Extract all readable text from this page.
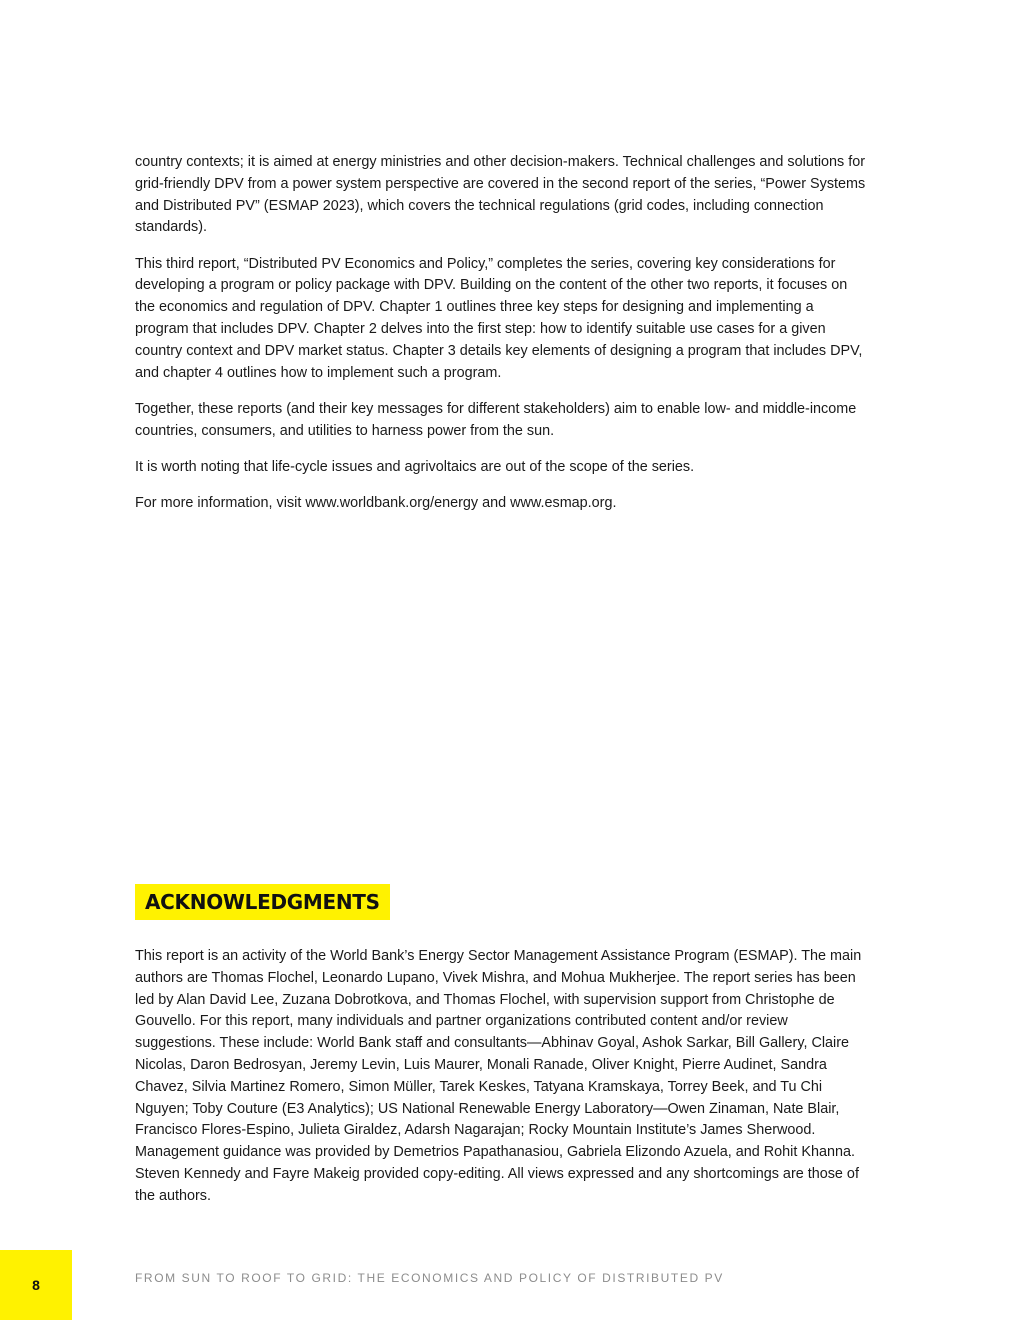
country contexts; it is aimed at energy ministries and other decision-makers. Technical challenges and solutions for grid-friendly DPV from a power system perspective are covered in the second report of the series, “Power Systems and Distributed PV” (ESMAP 2023), which covers the technical regulations (grid codes, including connection standards).

This third report, “Distributed PV Economics and Policy,” completes the series, covering key considerations for developing a program or policy package with DPV. Building on the content of the other two reports, it focuses on the economics and regulation of DPV. Chapter 1 outlines three key steps for designing and implementing a program that includes DPV. Chapter 2 delves into the first step: how to identify suitable use cases for a given country context and DPV market status. Chapter 3 details key elements of designing a program that includes DPV, and chapter 4 outlines how to implement such a program.

Together, these reports (and their key messages for different stakeholders) aim to enable low- and middle-income countries, consumers, and utilities to harness power from the sun.

It is worth noting that life-cycle issues and agrivoltaics are out of the scope of the series.

For more information, visit www.worldbank.org/energy and www.esmap.org.

ACKNOWLEDGMENTS

This report is an activity of the World Bank’s Energy Sector Management Assistance Program (ESMAP). The main authors are Thomas Flochel, Leonardo Lupano, Vivek Mishra, and Mohua Mukherjee. The report series has been led by Alan David Lee, Zuzana Dobrotkova, and Thomas Flochel, with supervision support from Christophe de Gouvello. For this report, many individuals and partner organizations contributed content and/or review suggestions. These include: World Bank staff and consultants—Abhinav Goyal, Ashok Sarkar, Bill Gallery, Claire Nicolas, Daron Bedrosyan, Jeremy Levin, Luis Maurer, Monali Ranade, Oliver Knight, Pierre Audinet, Sandra Chavez, Silvia Martinez Romero, Simon Müller, Tarek Keskes, Tatyana Kramskaya, Torrey Beek, and Tu Chi Nguyen; Toby Couture (E3 Analytics); US National Renewable Energy Laboratory—Owen Zinaman, Nate Blair, Francisco Flores-Espino, Julieta Giraldez, Adarsh Nagarajan; Rocky Mountain Institute’s James Sherwood. Management guidance was provided by Demetrios Papathanasiou, Gabriela Elizondo Azuela, and Rohit Khanna. Steven Kennedy and Fayre Makeig provided copy-editing. All views expressed and any shortcomings are those of the authors.

8	FROM SUN TO ROOF TO GRID: THE ECONOMICS AND POLICY OF DISTRIBUTED PV
